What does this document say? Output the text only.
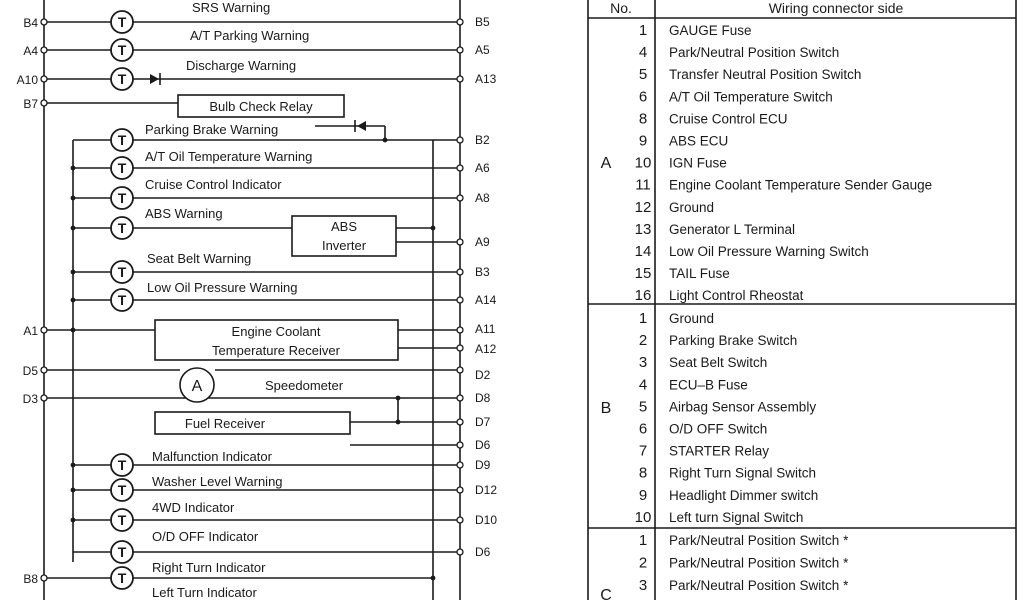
A
T
T
T
T
T
T
T
T
T
T
T
T
T
T
B4
A4
A10
B7
A1
D5
D3
B8
B5
A5
A13
B2
A6
A8
A9
B3
A14
A11
A12
D2
D8
D7
D6
D9
D12
D10
D6
SRS Warning
A/T Parking Warning
Discharge Warning
Bulb Check Relay
Parking Brake Warning
A/T Oil Temperature Warning
Cruise Control Indicator
ABS Warning
ABS
Inverter
Seat Belt Warning
Low Oil Pressure Warning
Engine Coolant
Temperature Receiver
Speedometer
Fuel Receiver
Malfunction Indicator
Washer Level Warning
4WD Indicator
O/D OFF Indicator
Right Turn Indicator
Left Turn Indicator
No.	Wiring connector side
A
B
C
1 GAUGE Fuse
4 Park/Neutral Position Switch
5 Transfer Neutral Position Switch
6 A/T Oil Temperature Switch
8 Cruise Control ECU
9 ABS ECU
10 IGN Fuse
11 Engine Coolant Temperature Sender Gauge
12 Ground
13 Generator L Terminal
14 Low Oil Pressure Warning Switch
15 TAIL Fuse
16 Light Control Rheostat
1 Ground
2 Parking Brake Switch
3 Seat Belt Switch
4 ECU–B Fuse
5 Airbag Sensor Assembly
6 O/D OFF Switch
7 STARTER Relay
8 Right Turn Signal Switch
9 Headlight Dimmer switch
10 Left turn Signal Switch
1 Park/Neutral Position Switch *
2 Park/Neutral Position Switch *
3 Park/Neutral Position Switch *
